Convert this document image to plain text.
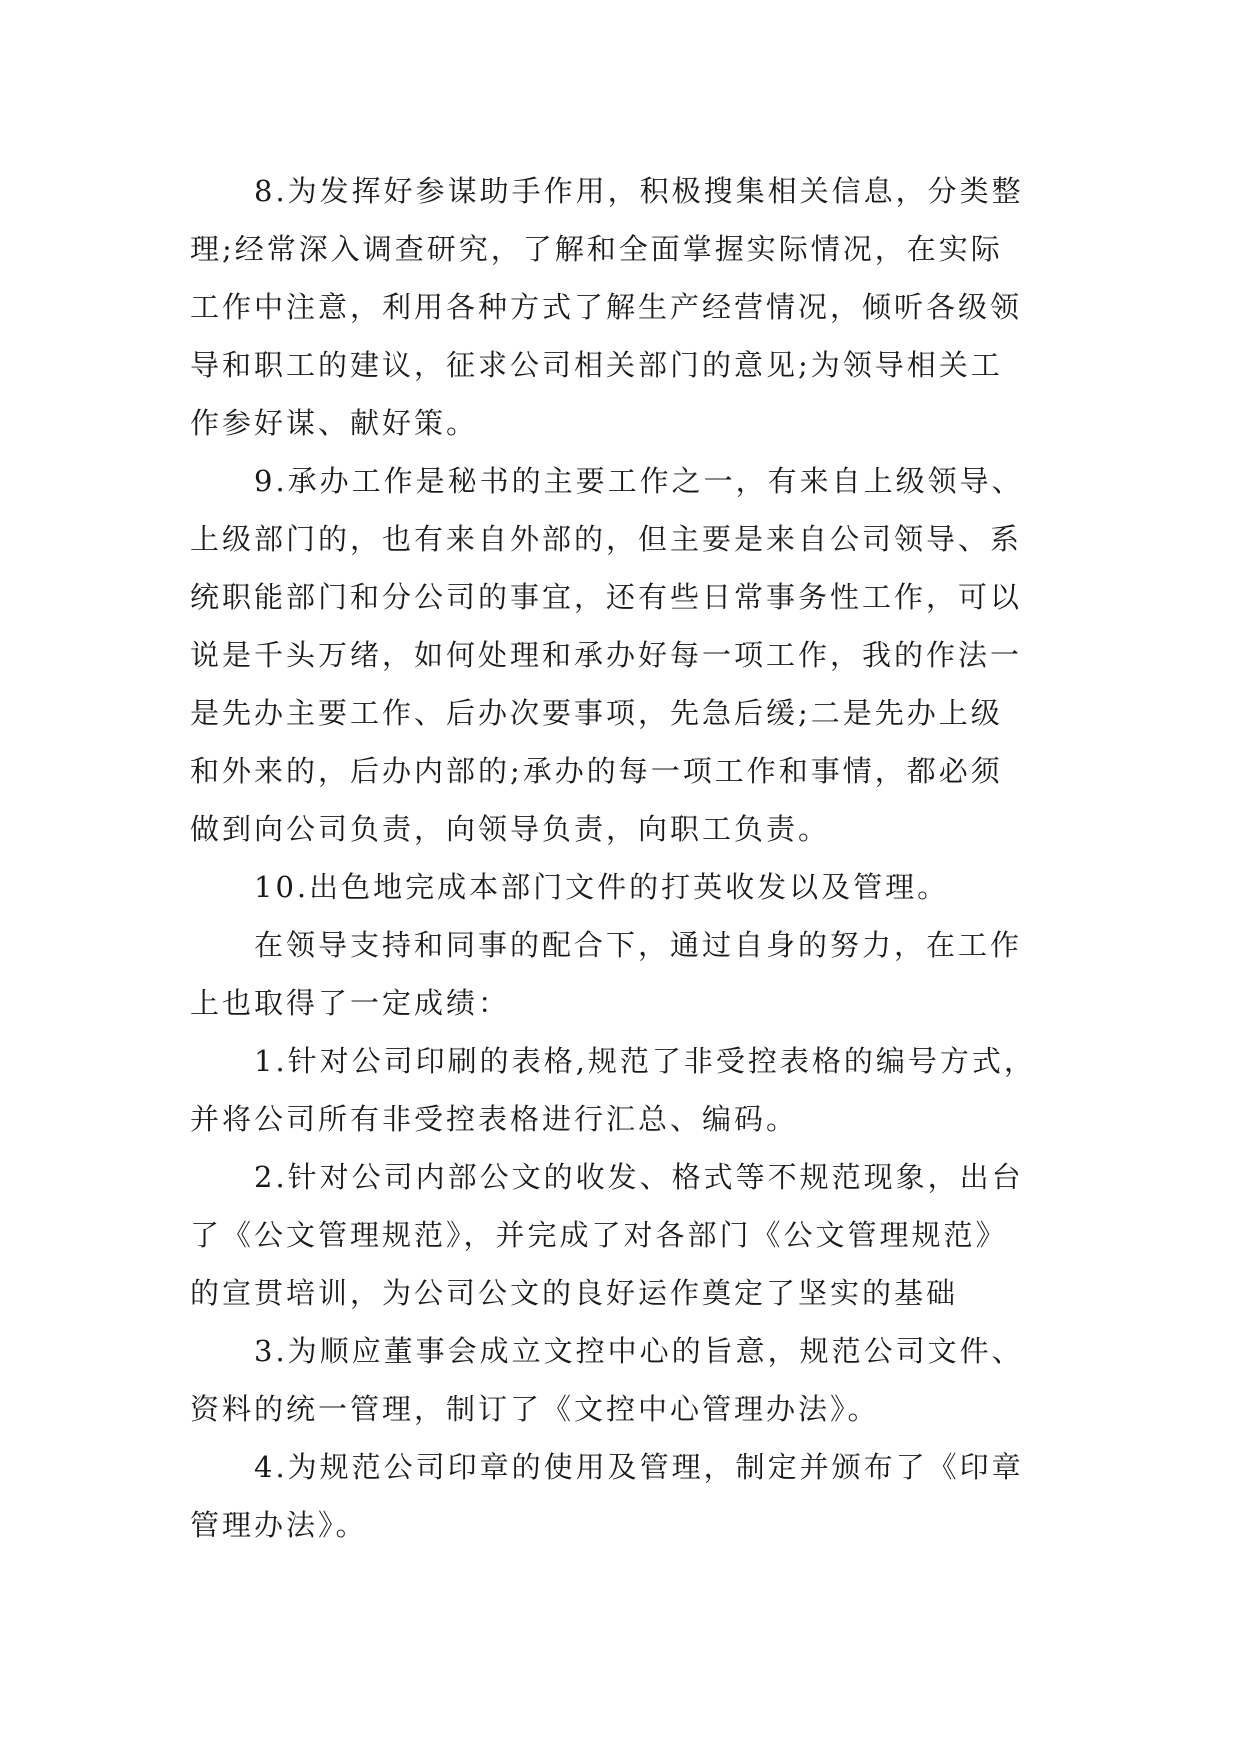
8.为发挥好参谋助手作用，积极搜集相关信息，分类整
理;经常深入调查研究，了解和全面掌握实际情况，在实际
工作中注意，利用各种方式了解生产经营情况，倾听各级领
导和职工的建议，征求公司相关部门的意见;为领导相关工
作参好谋、献好策。
9.承办工作是秘书的主要工作之一，有来自上级领导、
上级部门的，也有来自外部的，但主要是来自公司领导、系
统职能部门和分公司的事宜，还有些日常事务性工作，可以
说是千头万绪，如何处理和承办好每一项工作，我的作法一
是先办主要工作、后办次要事项，先急后缓;二是先办上级
和外来的，后办内部的;承办的每一项工作和事情，都必须
做到向公司负责，向领导负责，向职工负责。
10.出色地完成本部门文件的打英收发以及管理。
在领导支持和同事的配合下，通过自身的努力，在工作
上也取得了一定成绩：
1.针对公司印刷的表格,规范了非受控表格的编号方式，
并将公司所有非受控表格进行汇总、编码。
2.针对公司内部公文的收发、格式等不规范现象，出台
了《公文管理规范》，并完成了对各部门《公文管理规范》
的宣贯培训，为公司公文的良好运作奠定了坚实的基础
3.为顺应董事会成立文控中心的旨意，规范公司文件、
资料的统一管理，制订了《文控中心管理办法》。
4.为规范公司印章的使用及管理，制定并颁布了《印章
管理办法》。
